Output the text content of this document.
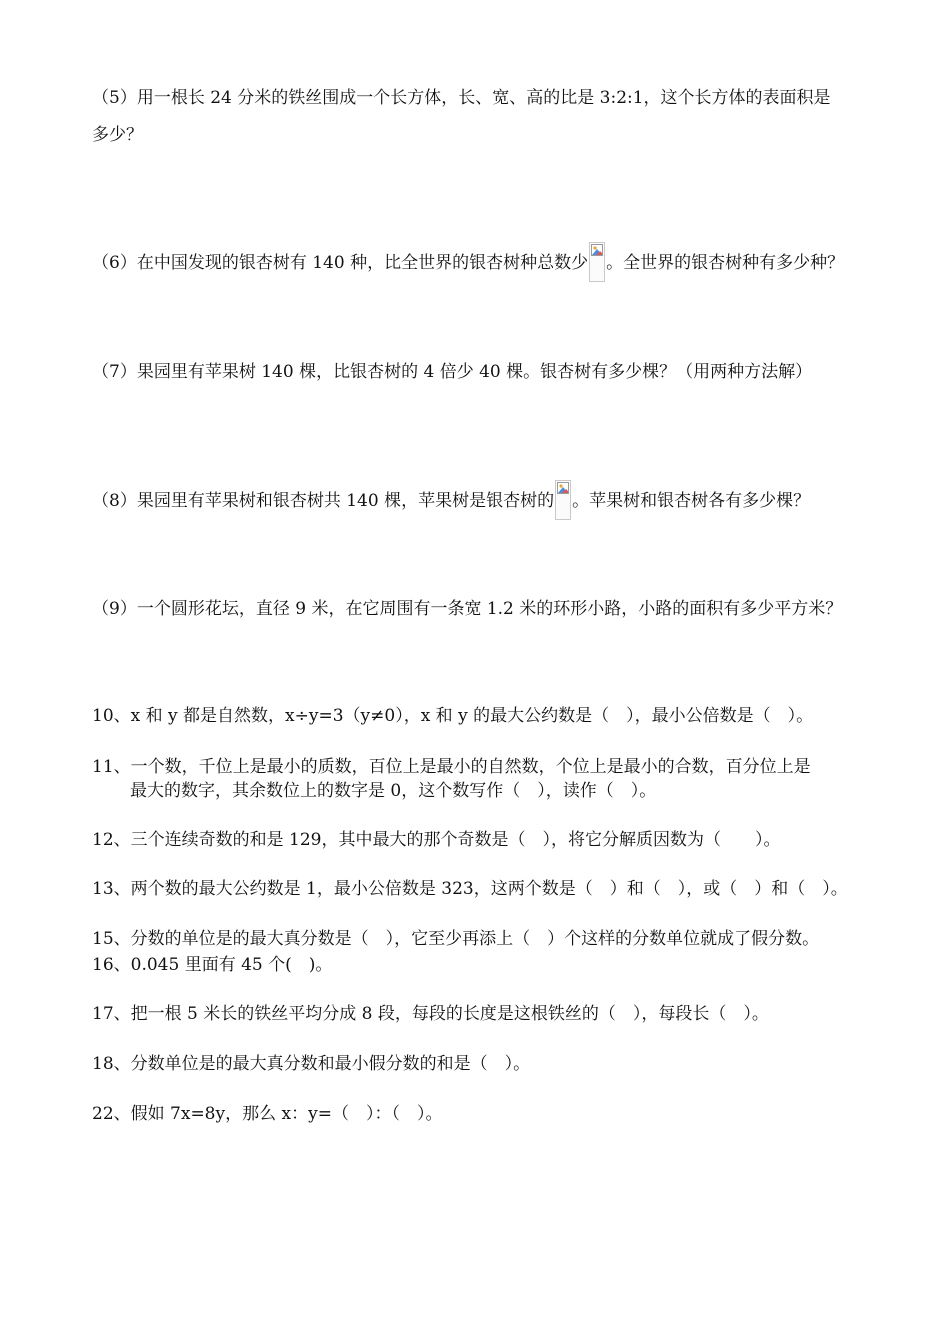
（5）用一根长 24 分米的铁丝围成一个长方体，长、宽、高的比是 3:2:1，这个长方体的表面积是
多少？
（6）在中国发现的银杏树有 140 种，比全世界的银杏树种总数少 。全世界的银杏树种有多少种？
（7）果园里有苹果树 140 棵，比银杏树的 4 倍少 40 棵。银杏树有多少棵？（用两种方法解）
（8）果园里有苹果树和银杏树共 140 棵，苹果树是银杏树的 。苹果树和银杏树各有多少棵？
（9）一个圆形花坛，直径 9 米，在它周围有一条宽 1.2 米的环形小路，小路的面积有多少平方米？
10、x 和 y 都是自然数，x÷y=3（y≠0），x 和 y 的最大公约数是（　），最小公倍数是（　）。
11、一个数，千位上是最小的质数，百位上是最小的自然数，个位上是最小的合数，百分位上是
最大的数字，其余数位上的数字是 0，这个数写作（　），读作（　）。
12、三个连续奇数的和是 129，其中最大的那个奇数是（　），将它分解质因数为（　　）。
13、两个数的最大公约数是 1，最小公倍数是 323，这两个数是（　）和（　），或（　）和（　）。
15、分数的单位是的最大真分数是（　），它至少再添上（　）个这样的分数单位就成了假分数。
16、0.045 里面有 45 个(　)。
17、把一根 5 米长的铁丝平均分成 8 段，每段的长度是这根铁丝的（　），每段长（　）。
18、分数单位是的最大真分数和最小假分数的和是（　）。
22、假如 7x=8y，那么 x：y=（　）：（　）。
